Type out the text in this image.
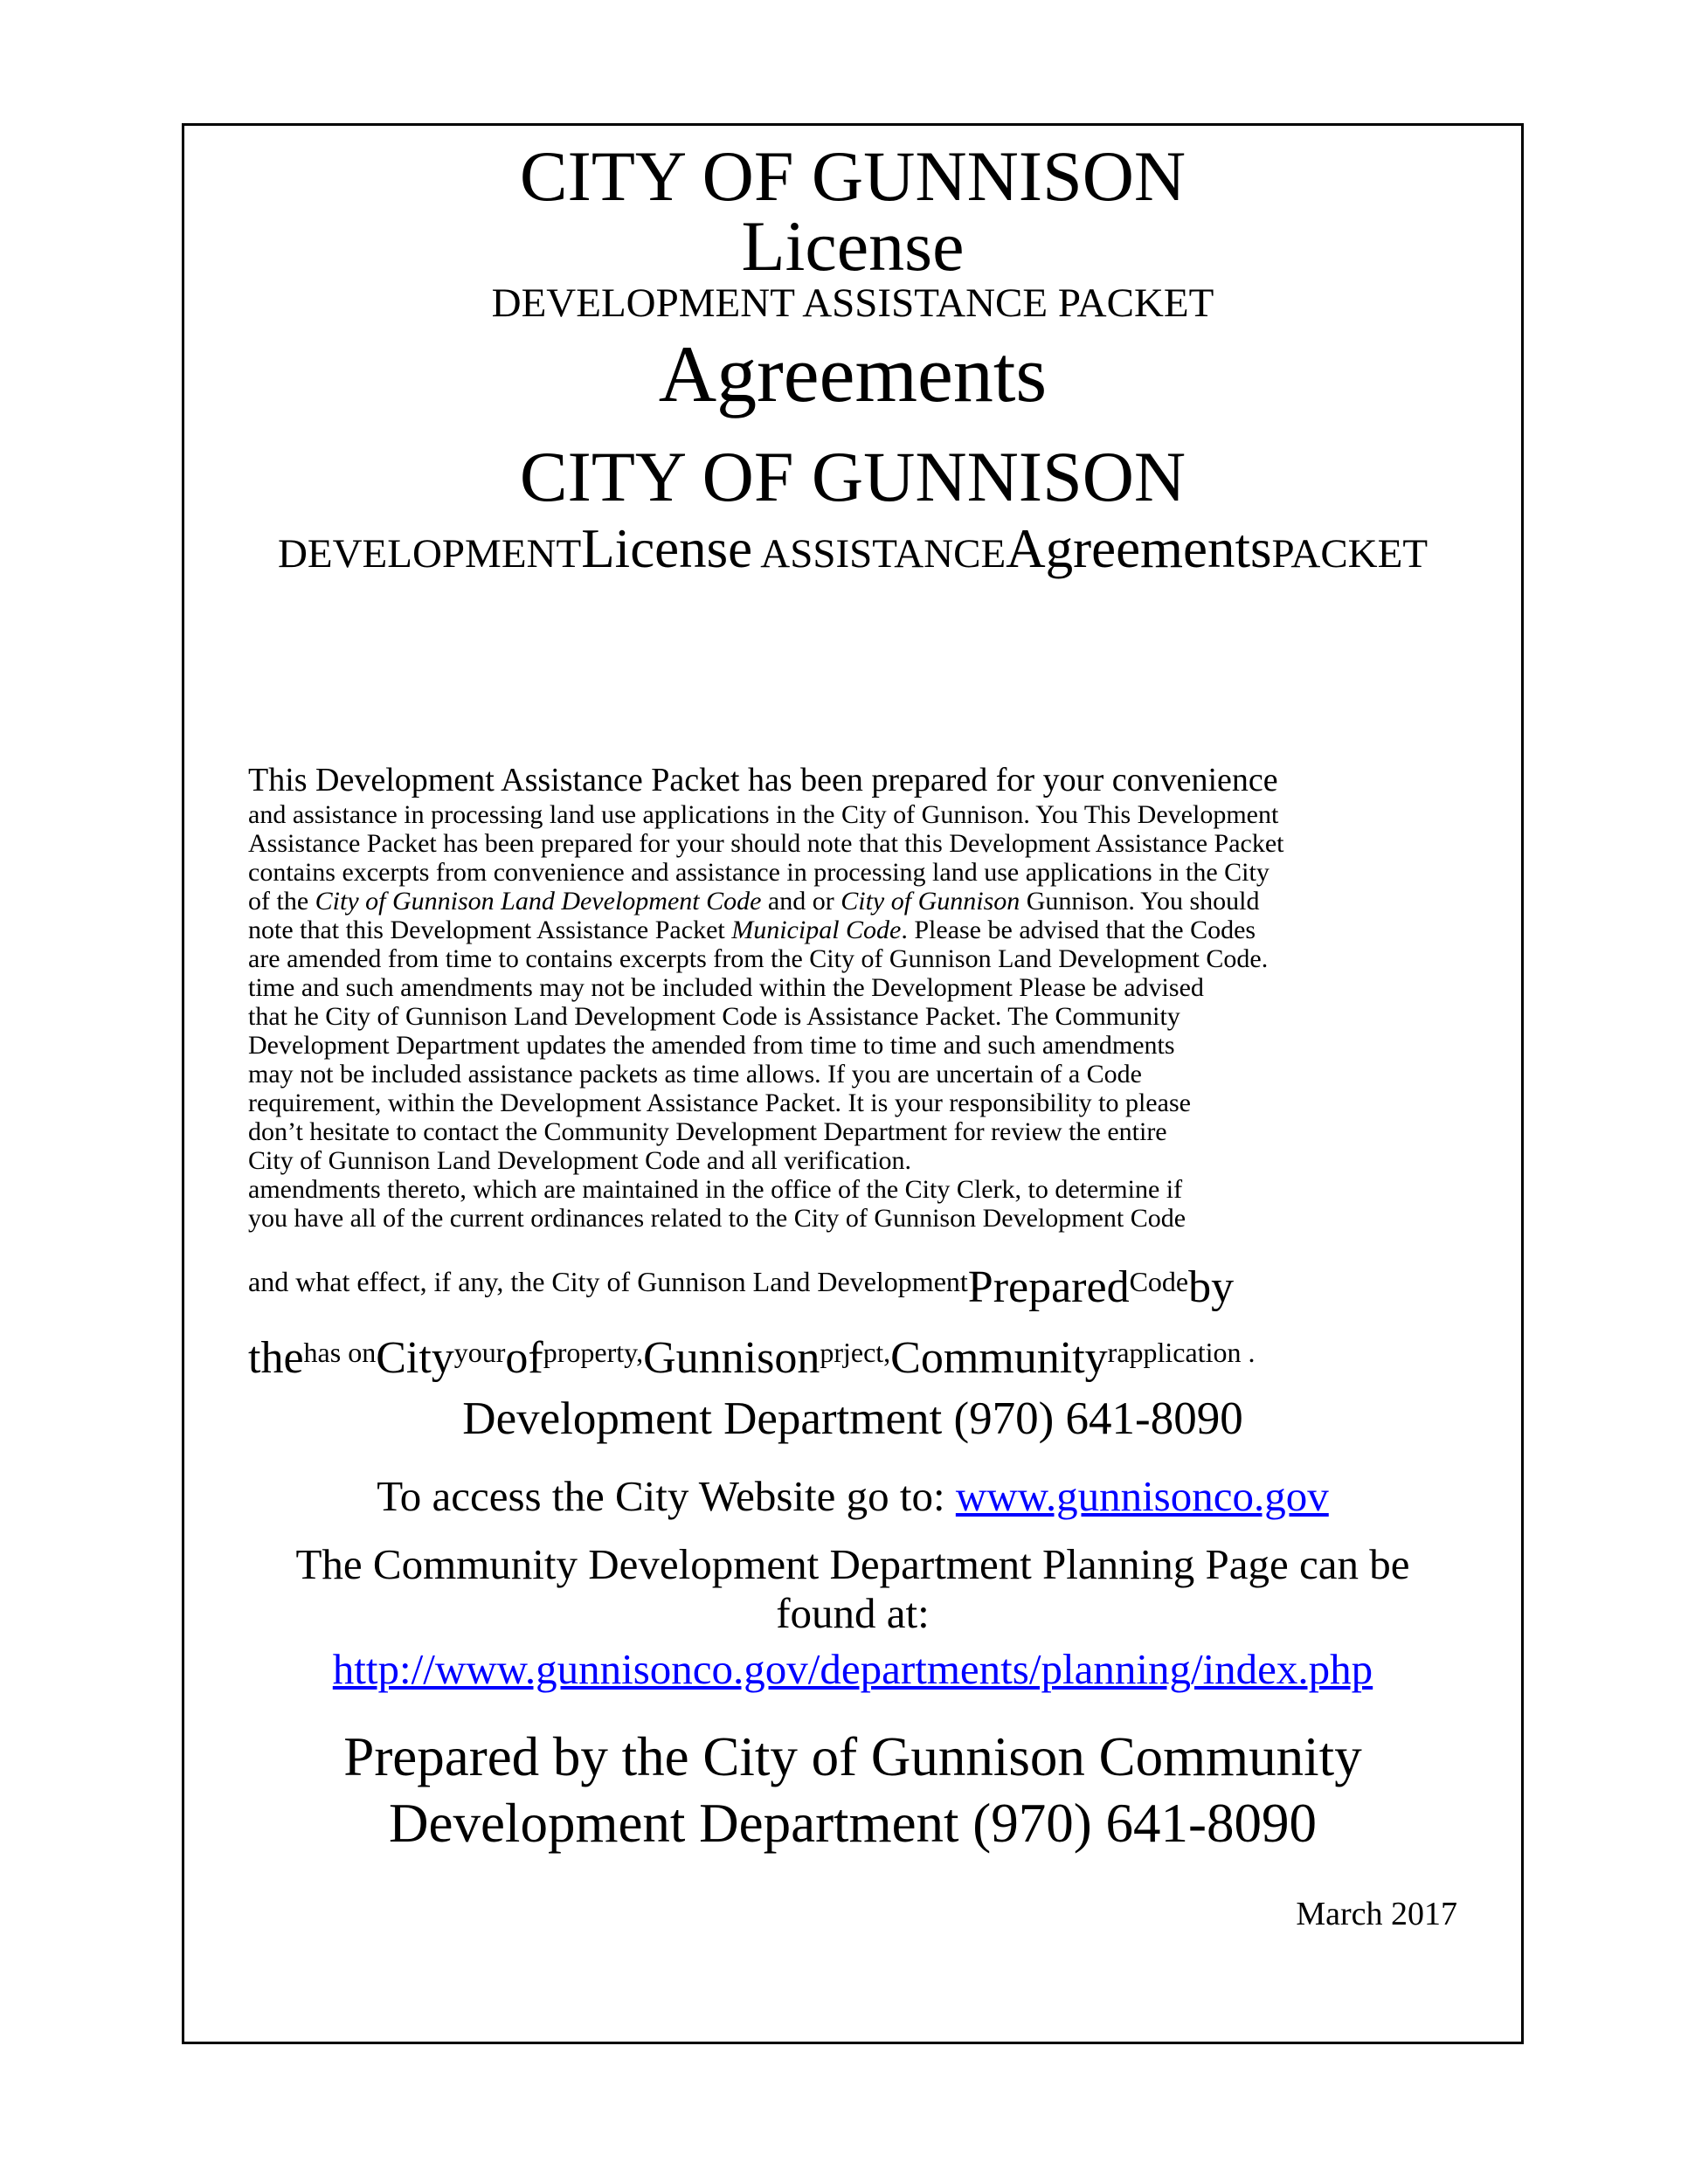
CITY OF GUNNISON
License
DEVELOPMENT ASSISTANCE PACKET
Agreements
CITY OF GUNNISON
DEVELOPMENTLicense ASSISTANCEAgreementsPACKET
This Development Assistance Packet has been prepared for your convenience
and assistance in processing land use applications in the City of Gunnison. You This Development
Assistance Packet has been prepared for your should note that this Development Assistance Packet
contains excerpts from convenience and assistance in processing land use applications in the City
of the City of Gunnison Land Development Code and or City of Gunnison Gunnison. You should
note that this Development Assistance Packet Municipal Code. Please be advised that the Codes
are amended from time to contains excerpts from the City of Gunnison Land Development Code.
time and such amendments may not be included within the Development Please be advised
that he City of Gunnison Land Development Code is Assistance Packet. The Community
Development Department updates the amended from time to time and such amendments
may not be included assistance packets as time allows. If you are uncertain of a Code
requirement, within the Development Assistance Packet. It is your responsibility to please
don’t hesitate to contact the Community Development Department for review the entire
City of Gunnison Land Development Code and all verification.
amendments thereto, which are maintained in the office of the City Clerk, to determine if
you have all of the current ordinances related to the City of Gunnison Development Code
$^{and what effect, if any, the City of Gunnison Land Development}$Prepared$^{Code}$by
$the^{has on}City^{your}of^{property,}Gunnison^{prject,}Community^{rapplication .}$
Development Department (970) 641-8090
To access the City Website go to: www.gunnisonco.gov
The Community Development Department Planning Page can be
found at:
http://www.gunnisonco.gov/departments/planning/index.php
Prepared by the City of Gunnison Community
Development Department (970) 641-8090
March 2017
